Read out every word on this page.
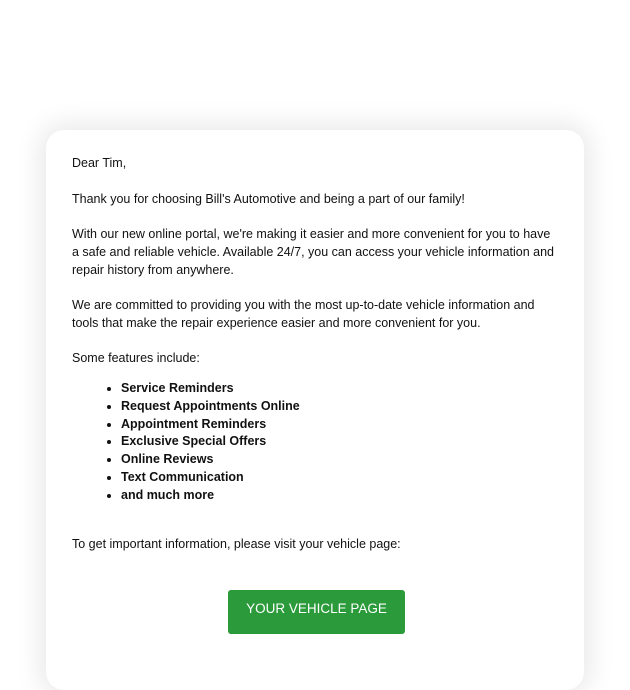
Dear Tim,

Thank you for choosing Bill's Automotive and being a part of our family!

With our new online portal, we're making it easier and more convenient for you to have
a safe and reliable vehicle. Available 24/7, you can access your vehicle information and
repair history from anywhere.
We are committed to providing you with the most up-to-date vehicle information and
tools that make the repair experience easier and more convenient for you.

Some features include:

• Service Reminders
• Request Appointments Online
• Appointment Reminders
• Exclusive Special Offers
• Online Reviews
• Text Communication
• and much more

To get important information, please visit your vehicle page:

YOUR VEHICLE PAGE
